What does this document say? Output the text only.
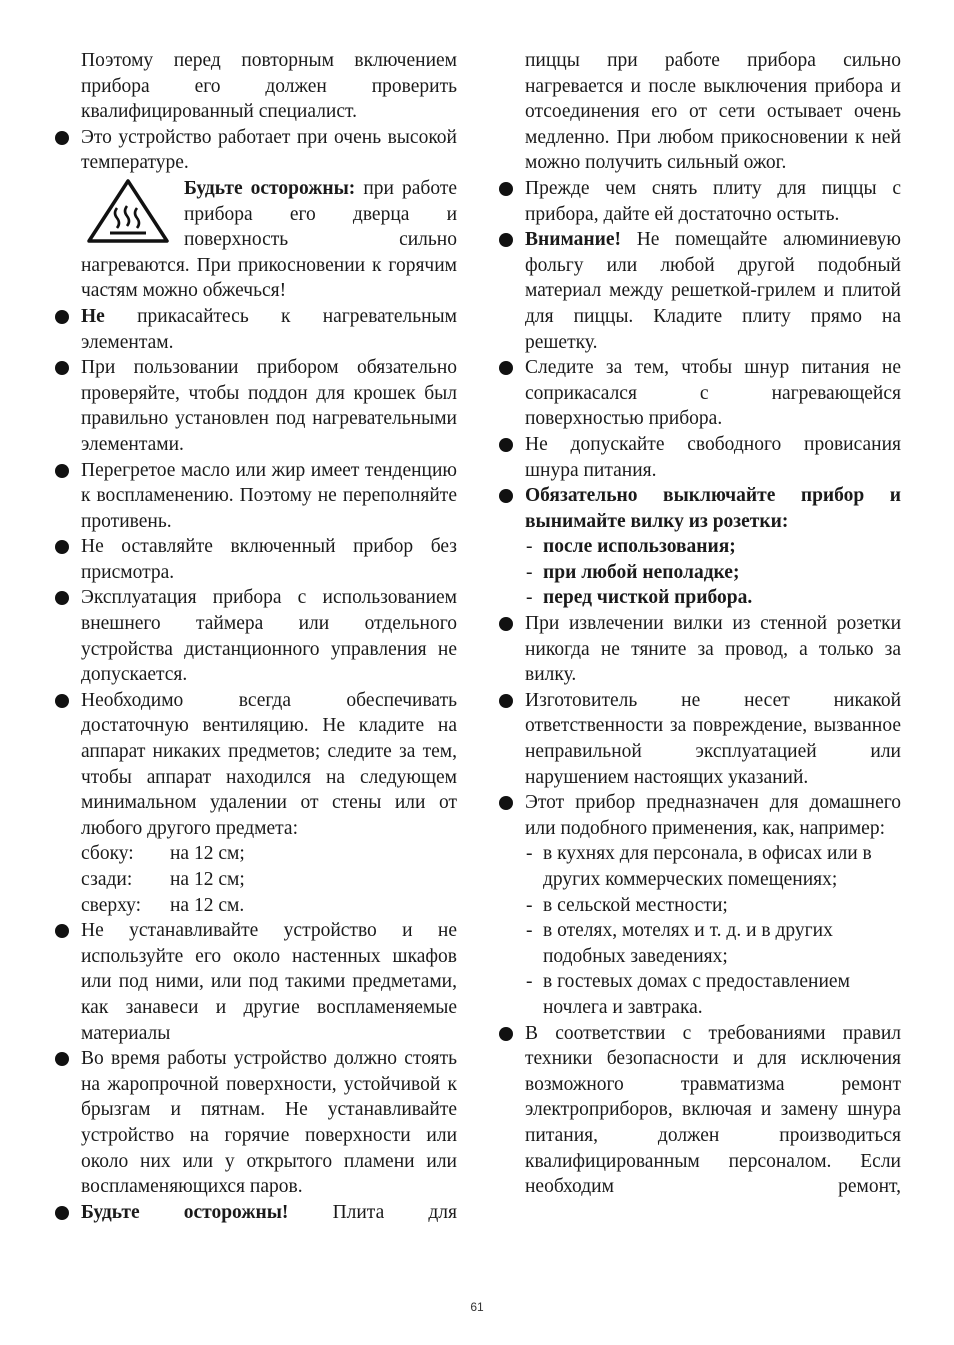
Поэтому перед повторным включением прибора его должен проверить квалифицированный специалист.

Это устройство работает при очень высокой температуре.

Будьте осторожны: при работе прибора его дверца и поверхность сильно нагреваются. При прикосновении к горячим частям можно обжечься!

Не прикасайтесь к нагревательным элементам.

При пользовании прибором обязательно проверяйте, чтобы поддон для крошек был правильно установлен под нагревательными элементами.

Перегретое масло или жир имеет тенденцию к воспламенению. Поэтому не переполняйте противень.

Не оставляйте включенный прибор без присмотра.

Эксплуатация прибора с использованием внешнего таймера или отдельного устройства дистанционного управления не допускается.

Необходимо всегда обеспечивать достаточную вентиляцию. Не кладите на аппарат никаких предметов; следите за тем, чтобы аппарат находился на следующем минимальном удалении от стены или от любого другого предмета:

сбоку:	на 12 см;
сзади:	на 12 см;
сверху:	на 12 см.

Не устанавливайте устройство и не используйте его около настенных шкафов или под ними, или под такими предметами, как занавеси и другие воспламеняемые материалы

Во время работы устройство должно стоять на жаропрочной поверхности, устойчивой к брызгам и пятнам. Не устанавливайте устройство на горячие поверхности или около них или у открытого пламени или воспламеняющихся паров.

Будьте осторожны! Плита для

пиццы при работе прибора сильно нагревается и после выключения прибора и отсоединения его от сети остывает очень медленно. При любом прикосновении к ней можно получить сильный ожог.

Прежде чем снять плиту для пиццы с прибора, дайте ей достаточно остыть.

Внимание! Не помещайте алюминиевую фольгу или любой другой подобный материал между решеткой-грилем и плитой для пиццы. Кладите плиту прямо на решетку.

Следите за тем, чтобы шнур питания не соприкасался с нагревающейся поверхностью прибора.

Не допускайте свободного провисания шнура питания.

Обязательно выключайте прибор и вынимайте вилку из розетки:

- после использования;

- при любой неполадке;

- перед чисткой прибора.

При извлечении вилки из стенной розетки никогда не тяните за провод, а только за вилку.

Изготовитель не несет никакой ответственности за повреждение, вызванное неправильной эксплуатацией или нарушением настоящих указаний.

Этот прибор предназначен для домашнего или подобного применения, как, например:

- в кухнях для персонала, в офисах или в других коммерческих помещениях;

- в сельской местности;

- в отелях, мотелях и т. д. и в других подобных заведениях;

- в гостевых домах с предоставлением ночлега и завтрака.

В соответствии с требованиями правил техники безопасности и для исключения возможного травматизма ремонт электроприборов, включая и замену шнура питания, должен производиться квалифицированным персоналом. Если необходим ремонт,

61
